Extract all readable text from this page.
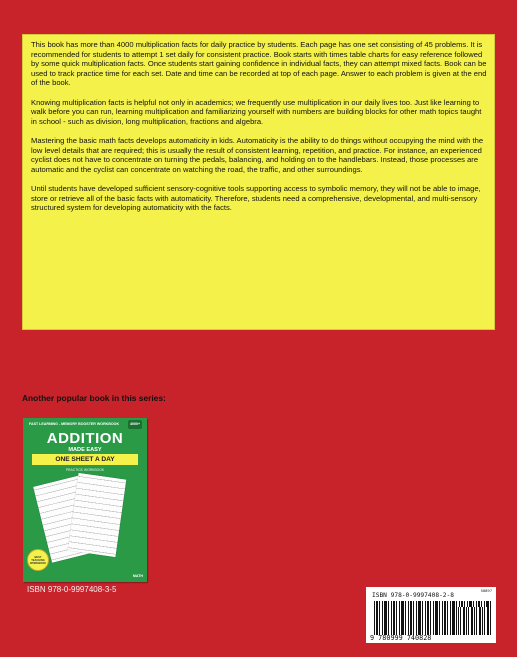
This book has more than 4000 multiplication facts for daily practice by students. Each page has one set consisting of 45 problems. It is recommended for students to attempt 1 set daily for consistent practice. Book starts with times table charts for easy reference followed by some quick multiplication facts. Once students start gaining confidence in individual facts, they can attempt mixed facts. Book can be used to track practice time for each set. Date and time can be recorded at top of each page. Answer to each problem is given at the end of the book.

Knowing multiplication facts is helpful not only in academics; we frequently use multiplication in our daily lives too. Just like learning to walk before you can run, learning multiplication and familiarizing yourself with numbers are building blocks for other math topics taught in school - such as division, long multiplication, fractions and algebra.

Mastering the basic math facts develops automaticity in kids. Automaticity is the ability to do things without occupying the mind with the low level details that are required; this is usually the result of consistent learning, repetition, and practice. For instance, an experienced cyclist does not have to concentrate on turning the pedals, balancing, and holding on to the handlebars. Instead, those processes are automatic and the cyclist can concentrate on watching the road, the traffic, and other surroundings.

Until students have developed sufficient sensory-cognitive tools supporting access to symbolic memory, they will not be able to image, store or retrieve all of the basic facts with automaticity. Therefore, students need a comprehensive, developmental, and multi-sensory structured system for developing automaticity with the facts.

Another popular book in this series:
FAST LEARNING - MEMORY BOOSTER WORKBOOK	4000+
ADDITION
MADE EASY
ONE SHEET A DAY
PRACTICE WORKBOOK
BEST TEACHING WORKBOOK
MATH
ISBN 978-0-9997408-3-5	50897
ISBN 978-0-9997408-2-8
9 780999 740828
